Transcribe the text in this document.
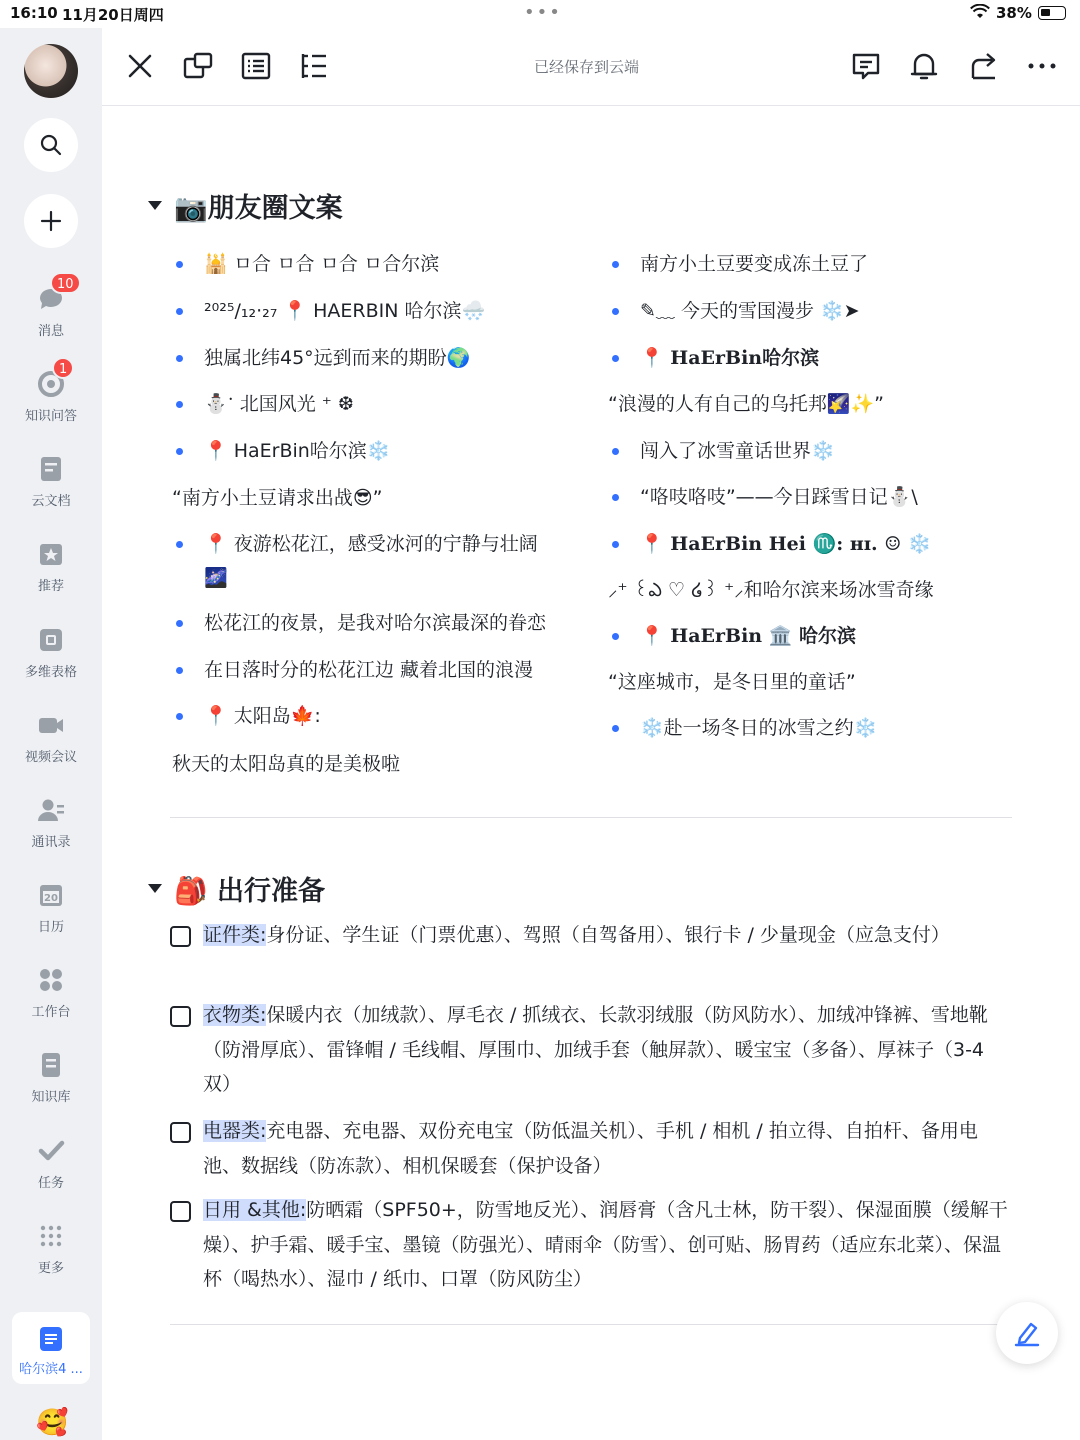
16:10 11月20日周四	•••	38%
消息
10
知识问答
1
云文档
推荐
多维表格
视频会议
通讯录
20
日历
工作台
知识库
任务
更多
哈尔滨4 ...
🥰
已经保存到云端
📷朋友圈文案
🕌 ㅁ合 ㅁ合 ㅁ合 ㅁ合尔滨
²⁰²⁵/₁₂·₂₇ 📍 HAERBIN 哈尔滨🌨️
独属北纬45°远到而来的期盼🌍
⛄ॱ 北国风光 ⁺ ❆
📍 HaErBin哈尔滨❄️
“南方小土豆请求出战😎”
📍 夜游松花江，感受冰河的宁静与壮阔
🌌
松花江的夜景，是我对哈尔滨最深的眷恋
在日落时分的松花江边 藏着北国的浪漫
📍 太阳岛🍁:
秋天的太阳岛真的是美极啦
南方小土豆要变成冻土豆了
✎﹏ 今天的雪国漫步 ❄️➤
📍 HaErBin哈尔滨
“浪漫的人有自己的乌托邦🌠✨”
闯入了冰雪童话世界❄️
“咯吱咯吱”——今日踩雪日记⛄\
📍 HaErBin Hei ♏: ʜɪ. ☺ ❄️
⸝⁺ ꒰ఎ ♡ ໒꒱ ⁺⸝和哈尔滨来场冰雪奇缘
📍 HaErBin 🏛️ 哈尔滨
“这座城市，是冬日里的童话”
❄️赴一场冬日的冰雪之约❄️
🎒 出行准备
证件类:身份证、学生证（门票优惠）、驾照（自驾备用）、银行卡 / 少量现金（应急支付）
衣物类:保暖内衣（加绒款）、厚毛衣 / 抓绒衣、长款羽绒服（防风防水）、加绒冲锋裤、雪地靴（防滑厚底）、雷锋帽 / 毛线帽、厚围巾、加绒手套（触屏款）、暖宝宝（多备）、厚袜子（3-4 双）
电器类:充电器、充电器、双份充电宝（防低温关机）、手机 / 相机 / 拍立得、自拍杆、备用电池、数据线（防冻款）、相机保暖套（保护设备）
日用 &其他:防晒霜（SPF50+，防雪地反光）、润唇膏（含凡士林，防干裂）、保湿面膜（缓解干燥）、护手霜、暖手宝、墨镜（防强光）、晴雨伞（防雪）、创可贴、肠胃药（适应东北菜）、保温杯（喝热水）、湿巾 / 纸巾、口罩（防风防尘）
